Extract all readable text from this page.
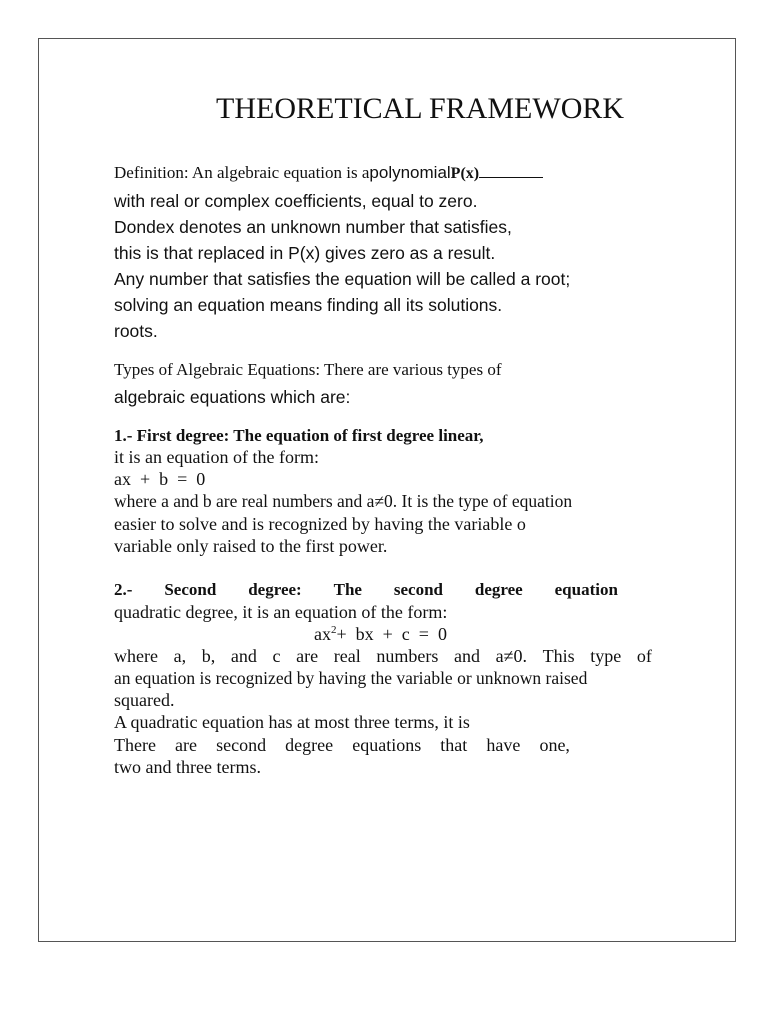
THEORETICAL FRAMEWORK
Definition: An algebraic equation is apolynomialP(x)
with real or complex coefficients, equal to zero.
Dondex denotes an unknown number that satisfies,
this is that replaced in P(x) gives zero as a result.
Any number that satisfies the equation will be called a root;
solving an equation means finding all its solutions.
roots.
Types of Algebraic Equations: There are various types of
algebraic equations which are:
1.- First degree: The equation of first degree linear,
it is an equation of the form:
ax  +  b  =  0
where a and b are real numbers and a≠0. It is the type of equation
easier to solve and is recognized by having the variable o
variable only raised to the first power.
2.- Second degree: The second degree equation
quadratic degree, it is an equation of the form:
$ax^2+$  bx  +  c  =  0
where a, b, and c are real numbers and a≠0. This type of
an equation is recognized by having the variable or unknown raised
squared.
A quadratic equation has at most three terms, it is
There are second degree equations that have one,
two and three terms.
